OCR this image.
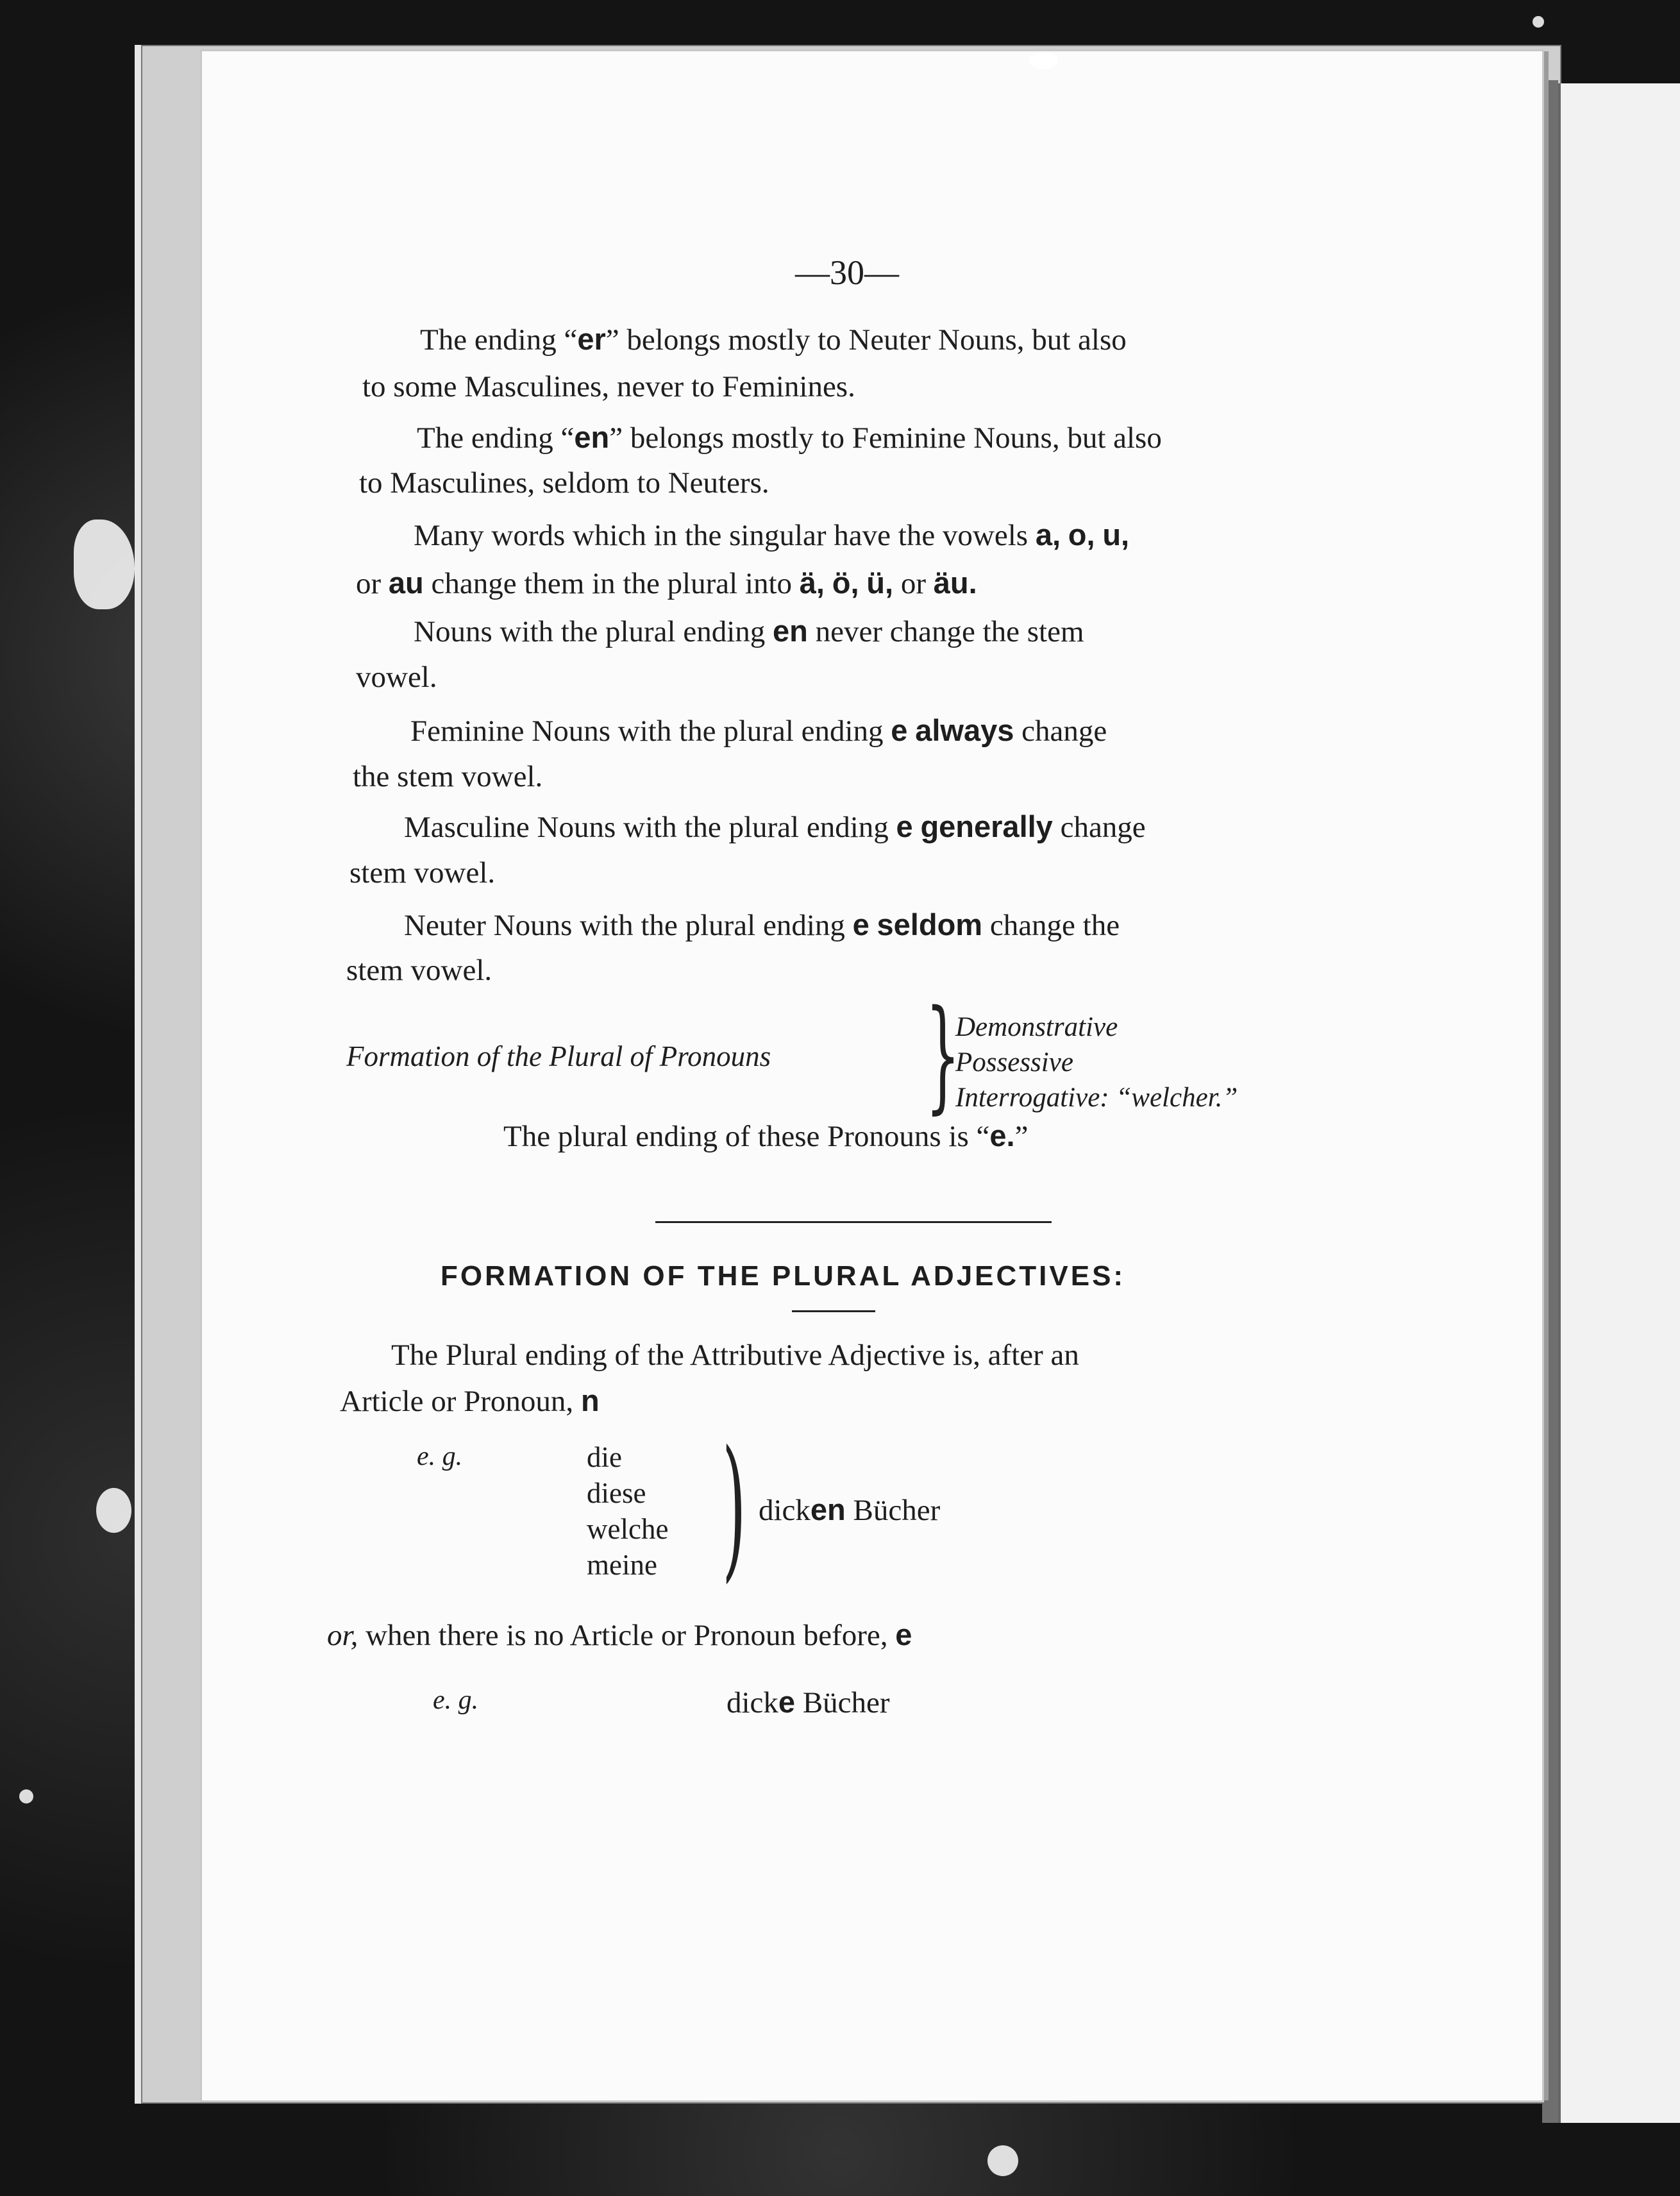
—30—
The ending “er” belongs mostly to Neuter Nouns, but also
to some Masculines, never to Feminines.
The ending “en” belongs mostly to Feminine Nouns, but also
to Masculines, seldom to Neuters.
Many words which in the singular have the vowels a, o, u,
or au change them in the plural into ä, ö, ü, or äu.
Nouns with the plural ending en never change the stem
vowel.
Feminine Nouns with the plural ending e always change
the stem vowel.
Masculine Nouns with the plural ending e generally change
stem vowel.
Neuter Nouns with the plural ending e seldom change the
stem vowel.
Formation of the Plural of Pronouns }
Demonstrative
Possessive
Interrogative: “welcher.”
The plural ending of these Pronouns is “e.”
FORMATION OF THE PLURAL ADJECTIVES:
The Plural ending of the Attributive Adjective is, after an
Article or Pronoun, n
e. g.	die
diese
welche
meine ) dicken Bücher
or, when there is no Article or Pronoun before, e
e. g.	dicke Bücher
